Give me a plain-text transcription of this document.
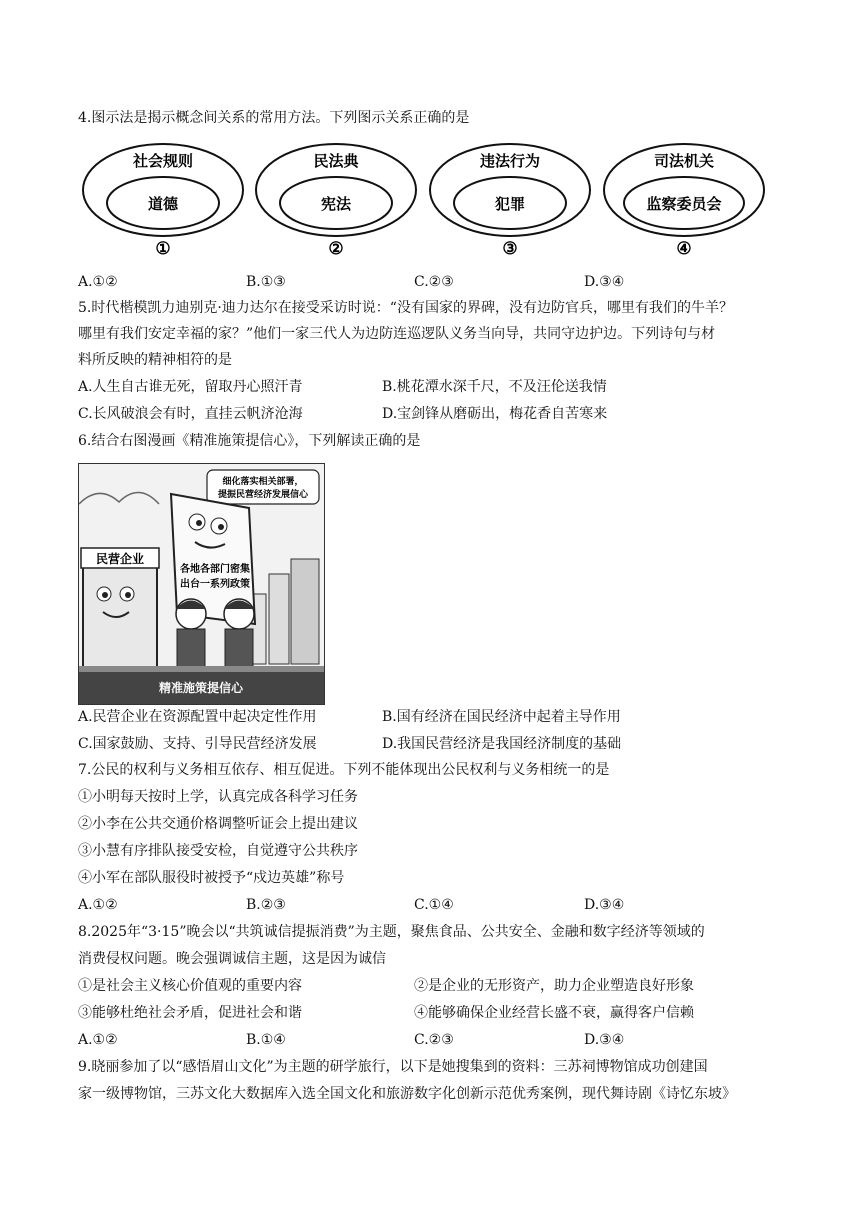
4.图示法是揭示概念间关系的常用方法。下列图示关系正确的是
社会规则
道德
①
民法典
宪法
②
违法行为
犯罪
③
司法机关
监察委员会
④
A.①②	B.①③	C.②③	D.③④
5.时代楷模凯力迪别克·迪力达尔在接受采访时说：“没有国家的界碑，没有边防官兵，哪里有我们的牛羊？
哪里有我们安定幸福的家？”他们一家三代人为边防连巡逻队义务当向导，共同守边护边。下列诗句与材
料所反映的精神相符的是
A.人生自古谁无死，留取丹心照汗青	B.桃花潭水深千尺，不及汪伦送我情
C.长风破浪会有时，直挂云帆济沧海	D.宝剑锋从磨砺出，梅花香自苦寒来
6.结合右图漫画《精准施策提信心》，下列解读正确的是
细化落实相关部署，
提振民营经济发展信心
各地各部门密集
出台一系列政策
民营企业
精准施策提信心
A.民营企业在资源配置中起决定性作用	B.国有经济在国民经济中起着主导作用
C.国家鼓励、支持、引导民营经济发展	D.我国民营经济是我国经济制度的基础
7.公民的权利与义务相互依存、相互促进。下列不能体现出公民权利与义务相统一的是
①小明每天按时上学，认真完成各科学习任务
②小李在公共交通价格调整听证会上提出建议
③小慧有序排队接受安检，自觉遵守公共秩序
④小军在部队服役时被授予“戍边英雄”称号
A.①②	B.②③	C.①④	D.③④
8.2025年“3·15”晚会以“共筑诚信提振消费”为主题，聚焦食品、公共安全、金融和数字经济等领域的
消费侵权问题。晚会强调诚信主题，这是因为诚信
①是社会主义核心价值观的重要内容	②是企业的无形资产，助力企业塑造良好形象
③能够杜绝社会矛盾，促进社会和谐	④能够确保企业经营长盛不衰，赢得客户信赖
A.①②	B.①④	C.②③	D.③④
9.晓丽参加了以“感悟眉山文化”为主题的研学旅行，以下是她搜集到的资料：三苏祠博物馆成功创建国
家一级博物馆，三苏文化大数据库入选全国文化和旅游数字化创新示范优秀案例，现代舞诗剧《诗忆东坡》
